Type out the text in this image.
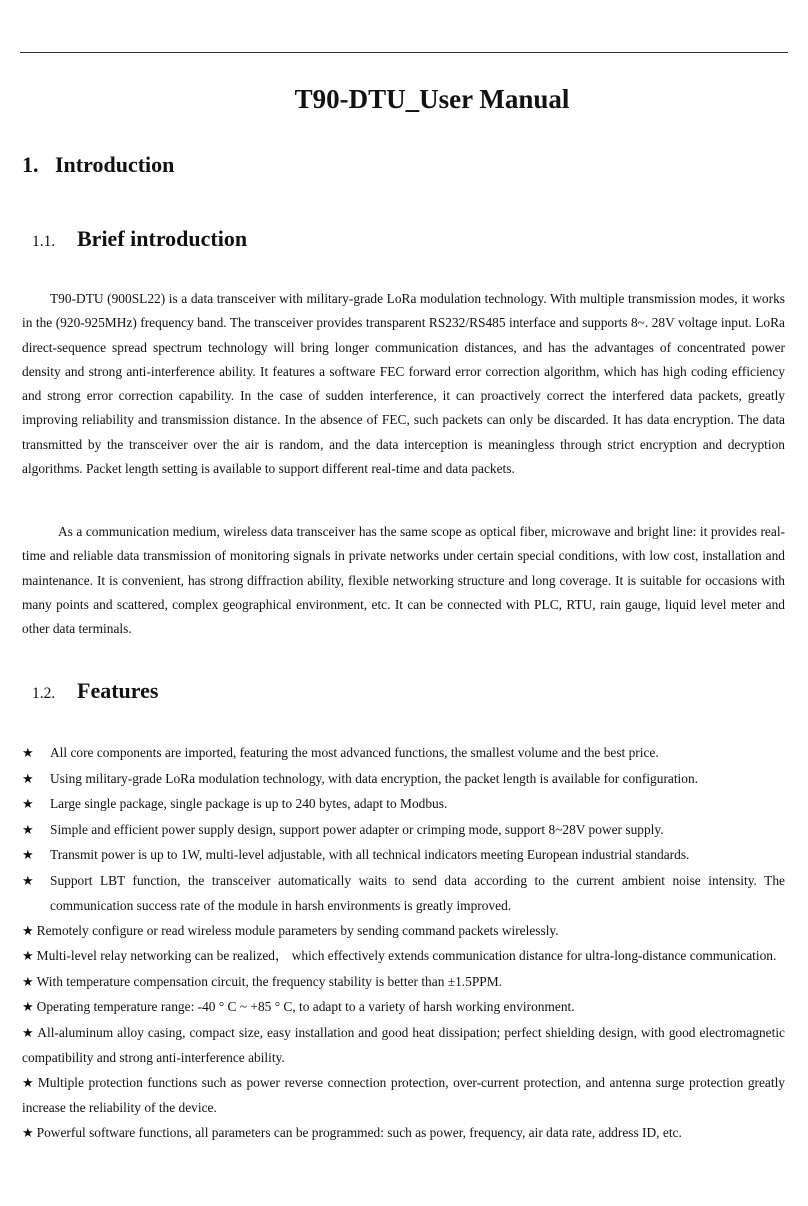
T90-DTU_User Manual
1. Introduction
1.1. Brief introduction

T90-DTU (900SL22) is a data transceiver with military-grade LoRa modulation technology. With multiple transmission modes, it works in the (920-925MHz) frequency band. The transceiver provides transparent RS232/RS485 interface and supports 8~. 28V voltage input. LoRa direct-sequence spread spectrum technology will bring longer communication distances, and has the advantages of concentrated power density and strong anti-interference ability. It features a software FEC forward error correction algorithm, which has high coding efficiency and strong error correction capability. In the case of sudden interference, it can proactively correct the interfered data packets, greatly improving reliability and transmission distance. In the absence of FEC, such packets can only be discarded. It has data encryption. The data transmitted by the transceiver over the air is random, and the data interception is meaningless through strict encryption and decryption algorithms. Packet length setting is available to support different real-time and data packets.

As a communication medium, wireless data transceiver has the same scope as optical fiber, microwave and bright line: it provides real-time and reliable data transmission of monitoring signals in private networks under certain special conditions, with low cost, installation and maintenance. It is convenient, has strong diffraction ability, flexible networking structure and long coverage. It is suitable for occasions with many points and scattered, complex geographical environment, etc. It can be connected with PLC, RTU, rain gauge, liquid level meter and other data terminals.

1.2. Features
★ All core components are imported, featuring the most advanced functions, the smallest volume and the best price.
★ Using military-grade LoRa modulation technology, with data encryption, the packet length is available for configuration.
★ Large single package, single package is up to 240 bytes, adapt to Modbus.
★ Simple and efficient power supply design, support power adapter or crimping mode, support 8~28V power supply.
★ Transmit power is up to 1W, multi-level adjustable, with all technical indicators meeting European industrial standards.
★ Support LBT function, the transceiver automatically waits to send data according to the current ambient noise intensity. The communication success rate of the module in harsh environments is greatly improved.
★ Remotely configure or read wireless module parameters by sending command packets wirelessly.
★ Multi-level relay networking can be realized， which effectively extends communication distance for ultra-long-distance communication.
★ With temperature compensation circuit, the frequency stability is better than ±1.5PPM.
★ Operating temperature range: -40 ° C ~ +85 ° C, to adapt to a variety of harsh working environment.
★ All-aluminum alloy casing, compact size, easy installation and good heat dissipation; perfect shielding design, with good electromagnetic compatibility and strong anti-interference ability.
★ Multiple protection functions such as power reverse connection protection, over-current protection, and antenna surge protection greatly increase the reliability of the device.
★ Powerful software functions, all parameters can be programmed: such as power, frequency, air data rate, address ID, etc.
